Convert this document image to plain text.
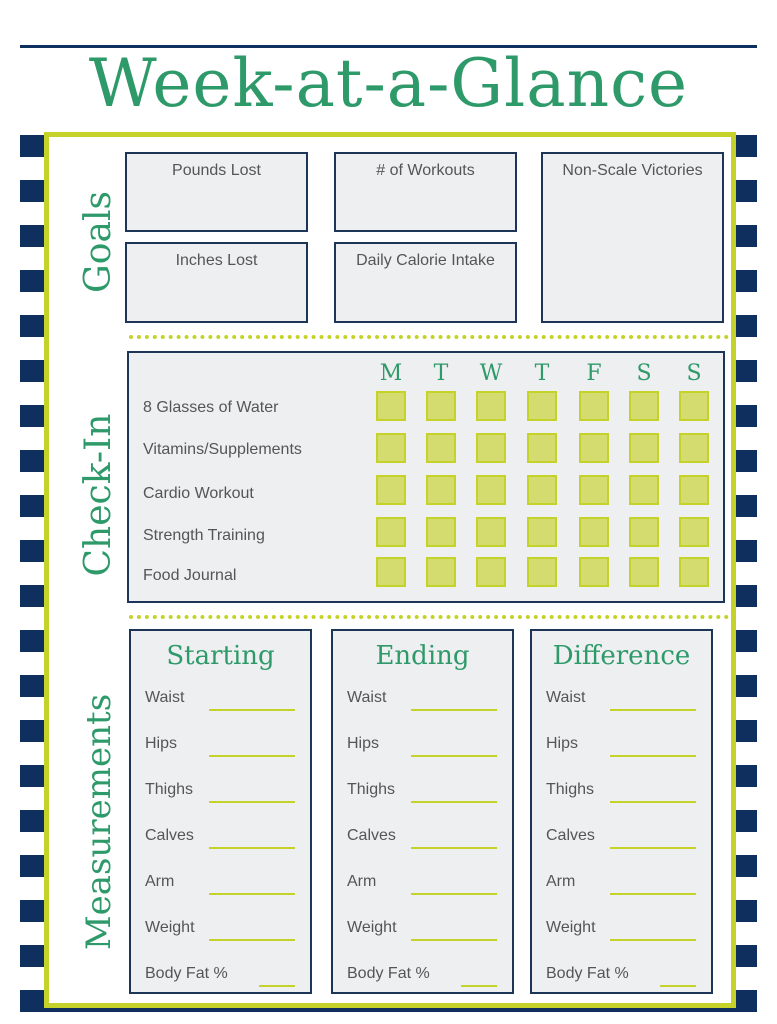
Week-at-a-Glance
Goals
Pounds Lost	# of Workouts	Non-Scale Victories
Inches Lost	Daily Calorie Intake
Check-In
M	T	W	T	F	S	S
8 Glasses of Water
Vitamins/Supplements
Cardio Workout
Strength Training
Food Journal
Measurements
Starting
Waist
Hips
Thighs
Calves
Arm
Weight
Body Fat %
Ending
Waist
Hips
Thighs
Calves
Arm
Weight
Body Fat %
Difference
Waist
Hips
Thighs
Calves
Arm
Weight
Body Fat %
